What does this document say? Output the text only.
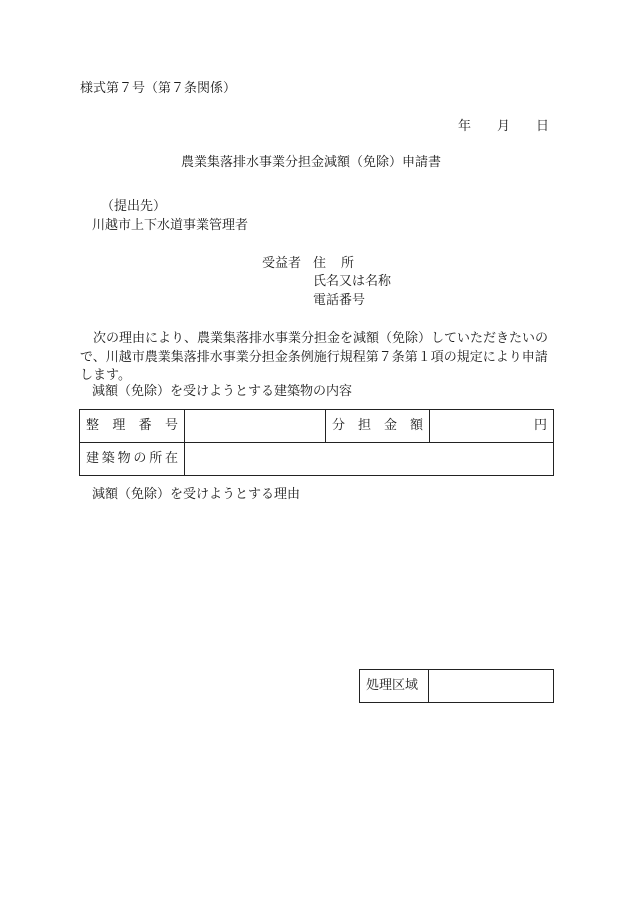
様式第７号（第７条関係）
年 月 日
農業集落排水事業分担金減額（免除）申請書
（提出先）
川越市上下水道事業管理者
受益者 住所
氏名又は名称
電話番号
次の理由により、農業集落排水事業分担金を減額（免除）していただきたいので、川越市農業集落排水事業分担金条例施行規程第７条第１項の規定により申請します。
減額（免除）を受けようとする建築物の内容
整理番号		分担金額	円

建築物の所在			

減額（免除）を受けようとする理由
処理区域	
